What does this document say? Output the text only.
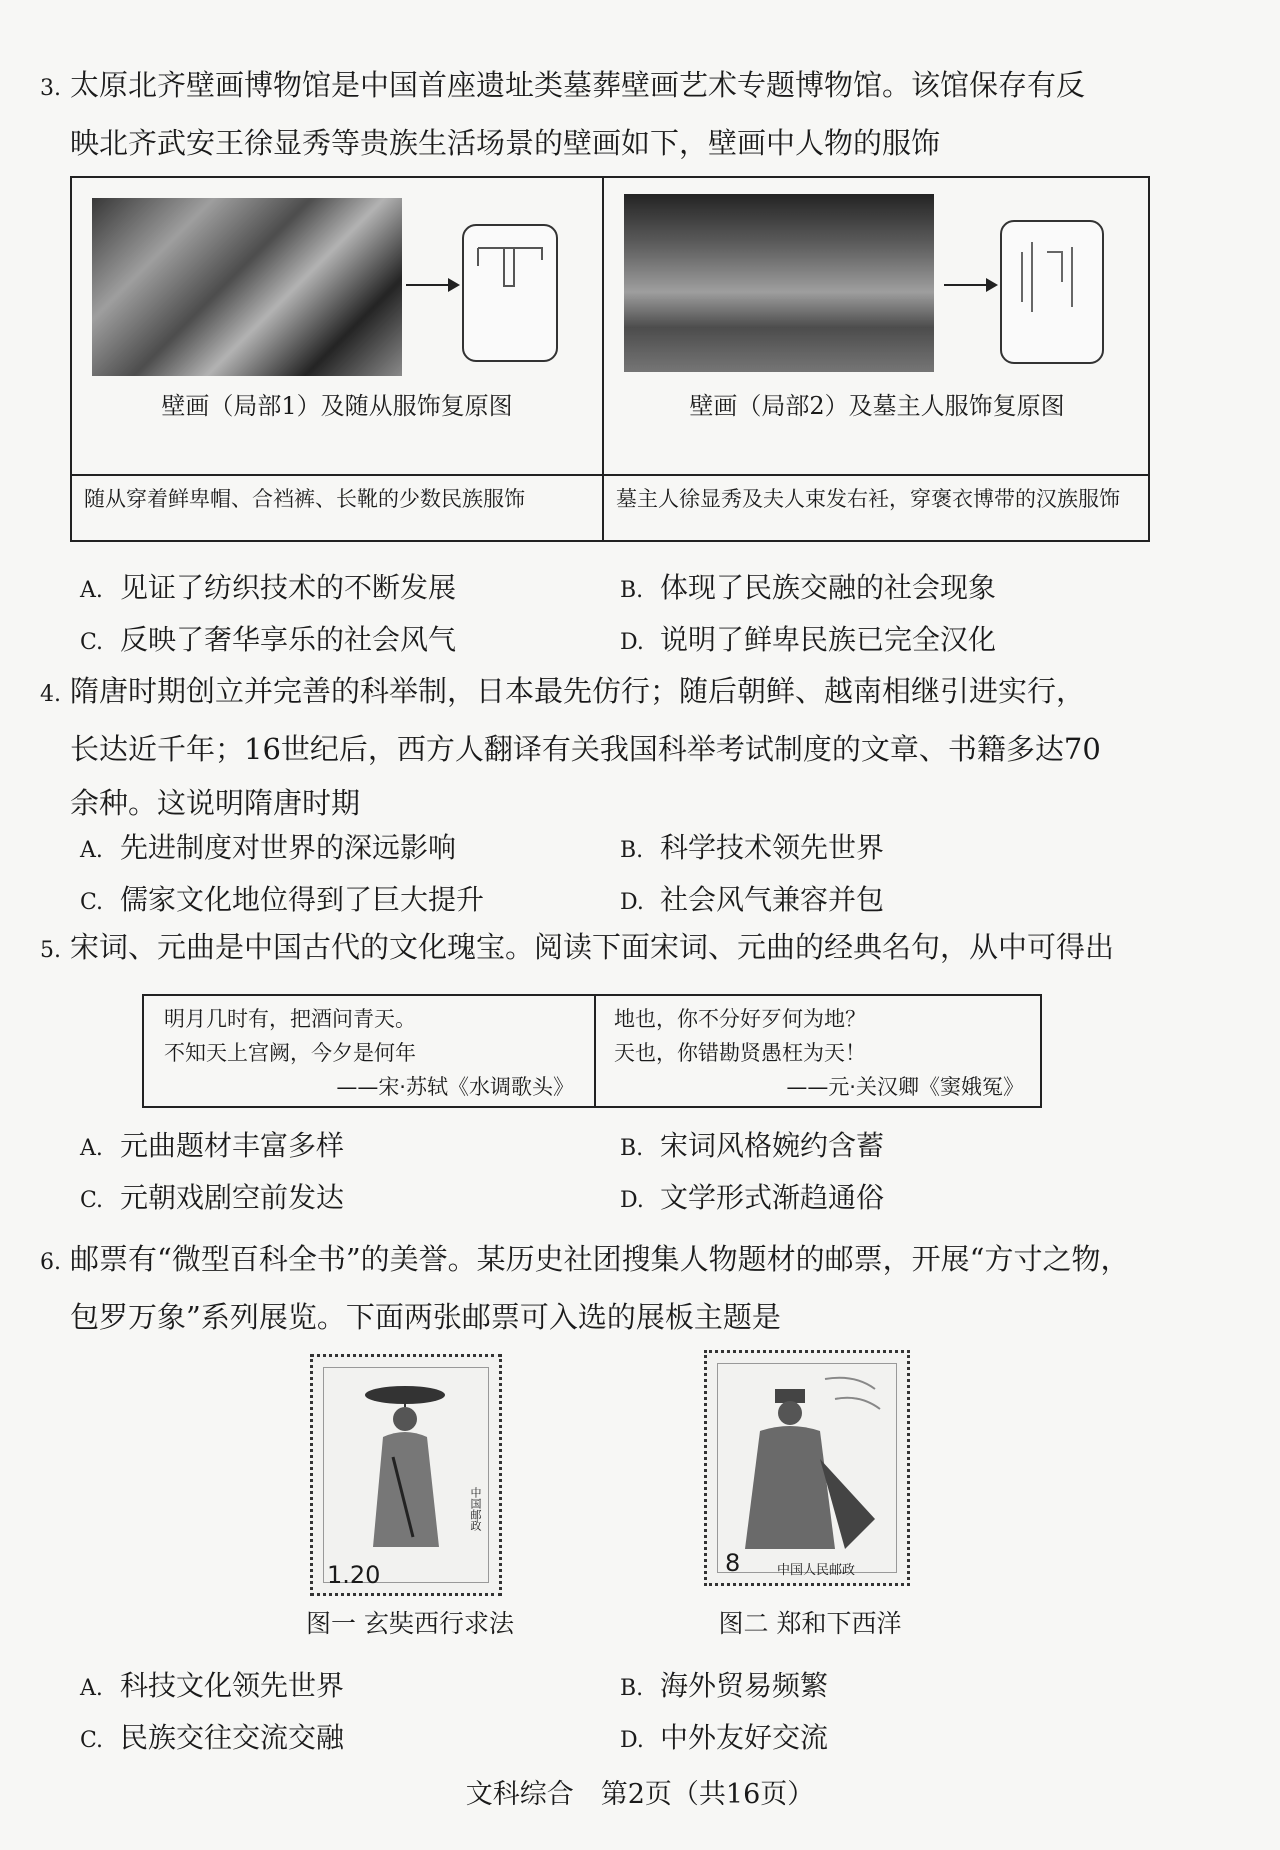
3. 太原北齐壁画博物馆是中国首座遗址类墓葬壁画艺术专题博物馆。该馆保存有反
映北齐武安王徐显秀等贵族生活场景的壁画如下，壁画中人物的服饰
壁画（局部1）及随从服饰复原图	壁画（局部2）及墓主人服饰复原图
随从穿着鲜卑帽、合裆裤、长靴的少数民族服饰	墓主人徐显秀及夫人束发右衽，穿褒衣博带的汉族服饰
A. 见证了纺织技术的不断发展	B. 体现了民族交融的社会现象
C. 反映了奢华享乐的社会风气	D. 说明了鲜卑民族已完全汉化
4. 隋唐时期创立并完善的科举制，日本最先仿行；随后朝鲜、越南相继引进实行，
长达近千年；16世纪后，西方人翻译有关我国科举考试制度的文章、书籍多达70
余种。这说明隋唐时期
A. 先进制度对世界的深远影响	B. 科学技术领先世界
C. 儒家文化地位得到了巨大提升	D. 社会风气兼容并包
5. 宋词、元曲是中国古代的文化瑰宝。阅读下面宋词、元曲的经典名句，从中可得出
明月几时有，把酒问青天。
不知天上宫阙，今夕是何年
——宋·苏轼《水调歌头》
地也，你不分好歹何为地？
天也，你错勘贤愚枉为天！
——元·关汉卿《窦娥冤》
A. 元曲题材丰富多样	B. 宋词风格婉约含蓄
C. 元朝戏剧空前发达	D. 文学形式渐趋通俗
6. 邮票有“微型百科全书”的美誉。某历史社团搜集人物题材的邮票，开展“方寸之物，
包罗万象”系列展览。下面两张邮票可入选的展板主题是
1.20
中国邮政
图一 玄奘西行求法
8	中国人民邮政
图二 郑和下西洋
A. 科技文化领先世界	B. 海外贸易频繁
C. 民族交往交流交融	D. 中外友好交流
文科综合　第2页（共16页）
